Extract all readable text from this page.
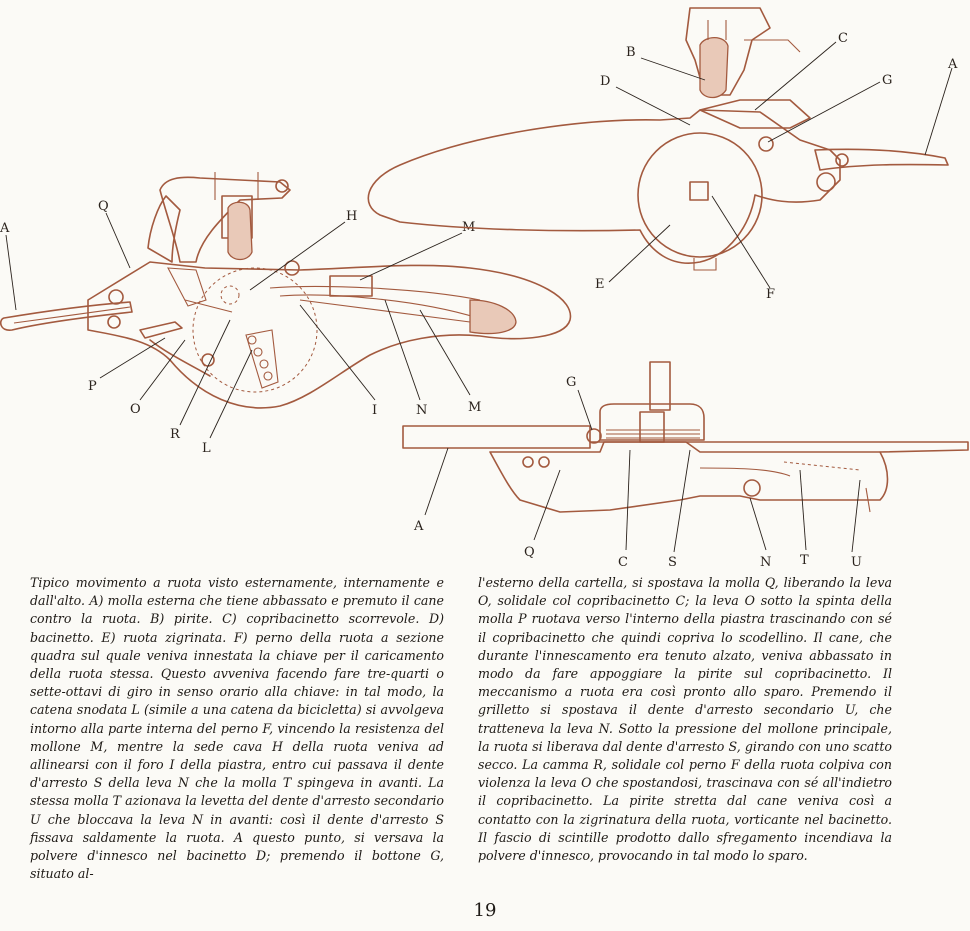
A
Q
H
M
P
O
R
L
I	N	M
B
C
D	G
A
E
F
G
A
Q
C	S	N T	U

Tipico movimento a ruota visto esternamente, internamente e dall'alto. A) molla esterna che tiene abbassato e premuto il cane contro la ruota. B) pirite. C) copribacinetto scorrevole. D) bacinetto. E) ruota zigrinata. F) perno della ruota a sezione quadra sul quale veniva innestata la chiave per il caricamento della ruota stessa. Questo avveniva facendo fare tre-quarti o sette-ottavi di giro in senso orario alla chiave: in tal modo, la catena snodata L (simile a una catena da bicicletta) si avvolgeva intorno alla parte interna del perno F, vincendo la resistenza del mollone M, mentre la sede cava H della ruota veniva ad allinearsi con il foro I della piastra, entro cui passava il dente d'arresto S della leva N che la molla T spingeva in avanti. La stessa molla T azionava la levetta del dente d'arresto secondario U che bloccava la leva N in avanti: così il dente d'arresto S fissava saldamente la ruota. A questo punto, si versava la polvere d'innesco nel bacinetto D; premendo il bottone G, situato al-

l'esterno della cartella, si spostava la molla Q, liberando la leva O, solidale col copribacinetto C; la leva O sotto la spinta della molla P ruotava verso l'interno della piastra trascinando con sé il copribacinetto che quindi copriva lo scodellino. Il cane, che durante l'innescamento era tenuto alzato, veniva abbassato in modo da fare appoggiare la pirite sul copribacinetto. Il meccanismo a ruota era così pronto allo sparo. Premendo il grilletto si spostava il dente d'arresto secondario U, che tratteneva la leva N. Sotto la pressione del mollone principale, la ruota si liberava dal dente d'arresto S, girando con uno scatto secco. La camma R, solidale col perno F della ruota colpiva con violenza la leva O che spostandosi, trascinava con sé all'indietro il copribacinetto. La pirite stretta dal cane veniva così a contatto con la zigrinatura della ruota, vorticante nel bacinetto. Il fascio di scintille prodotto dallo sfregamento incendiava la polvere d'innesco, provocando in tal modo lo sparo.

19
